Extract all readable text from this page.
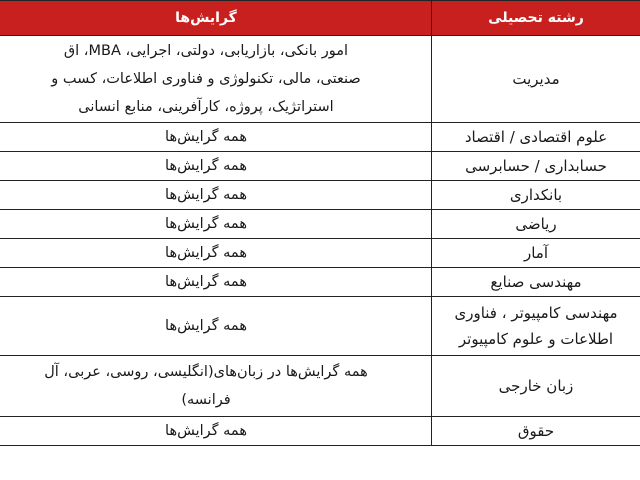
رشته تحصیلی	گرایش‌ها

مدیریت	امور بانکی، بازاریابی، دولتی، اجرایی، MBA، اق
صنعتی، مالی، تکنولوژی و فناوری اطلاعات، کسب و
استراتژیک، پروژه، کارآفرینی، منابع انسانی

علوم اقتصادی / اقتصاد	همه گرایش‌ها

حسابداری / حسابرسی	همه گرایش‌ها

بانکداری	همه گرایش‌ها

ریاضی	همه گرایش‌ها

آمار	همه گرایش‌ها

مهندسی صنایع	همه گرایش‌ها

مهندسی کامپیوتر ، فناوری
اطلاعات و علوم کامپیوتر	همه گرایش‌ها

زبان خارجی	همه گرایش‌ها در زبان‌های(انگلیسی، روسی، عربی، آل
فرانسه)

حقوق	همه گرایش‌ها
